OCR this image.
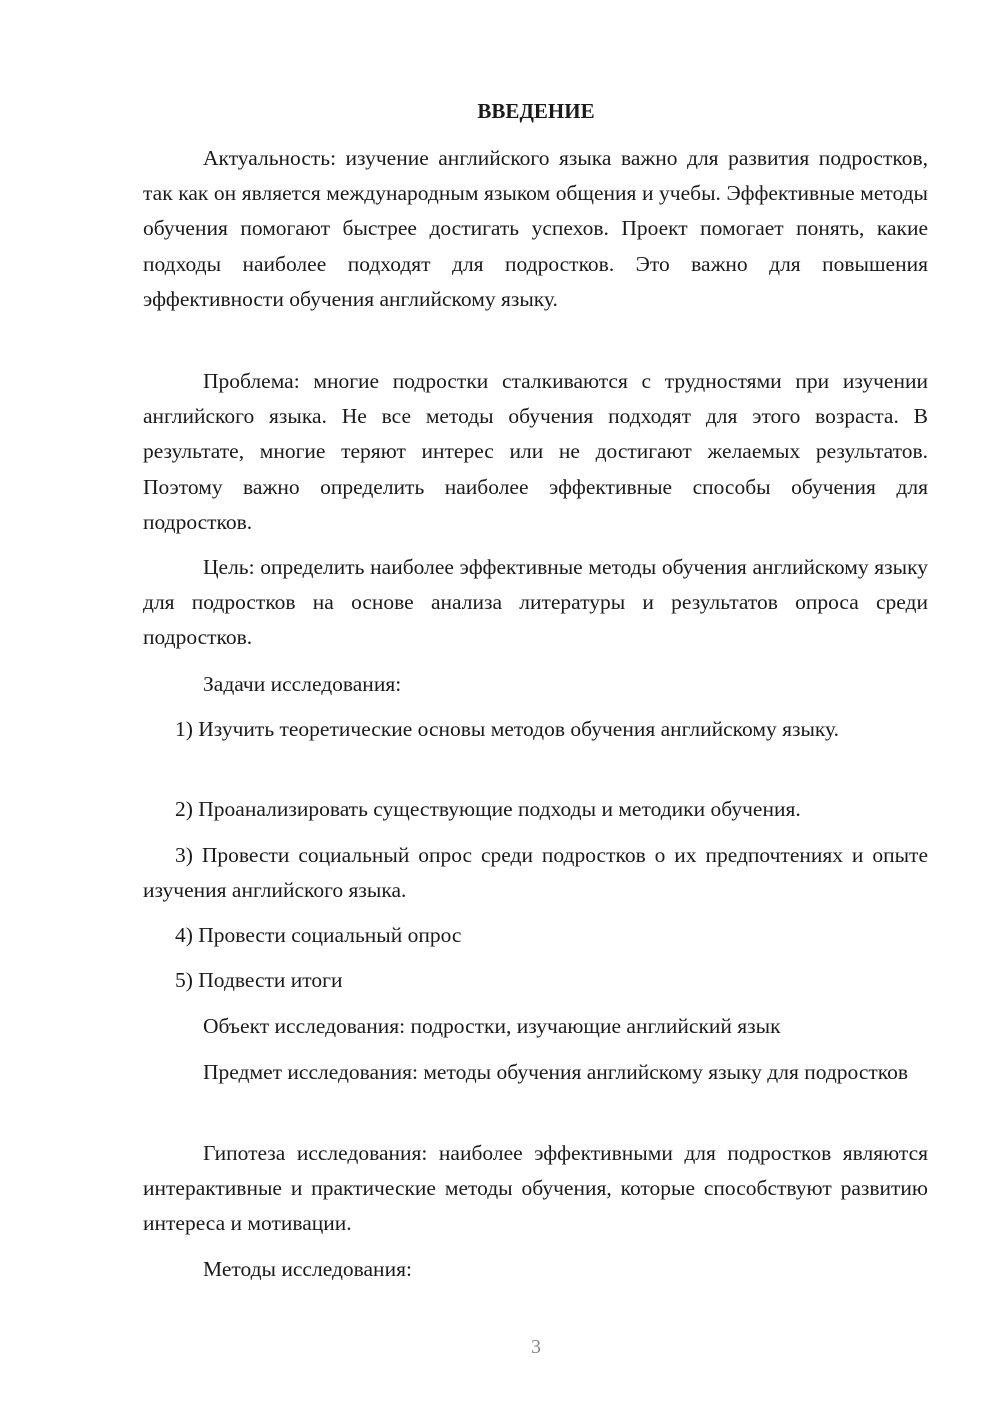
ВВЕДЕНИЕ

Актуальность: изучение английского языка важно для развития подростков, так как он является международным языком общения и учебы. Эффективные методы обучения помогают быстрее достигать успехов. Проект помогает понять, какие подходы наиболее подходят для подростков. Это важно для повышения эффективности обучения английскому языку.

Проблема: многие подростки сталкиваются с трудностями при изучении английского языка. Не все методы обучения подходят для этого возраста. В результате, многие теряют интерес или не достигают желаемых результатов. Поэтому важно определить наиболее эффективные способы обучения для подростков.

Цель: определить наиболее эффективные методы обучения английскому языку для подростков на основе анализа литературы и результатов опроса среди подростков.

Задачи исследования:

1) Изучить теоретические основы методов обучения английскому языку.

2) Проанализировать существующие подходы и методики обучения.

3) Провести социальный опрос среди подростков о их предпочтениях и опыте изучения английского языка.

4) Провести социальный опрос

5) Подвести итоги

Объект исследования: подростки, изучающие английский язык

Предмет исследования: методы обучения английскому языку для подростков

Гипотеза исследования: наиболее эффективными для подростков являются интерактивные и практические методы обучения, которые способствуют развитию интереса и мотивации.

Методы исследования:

3
